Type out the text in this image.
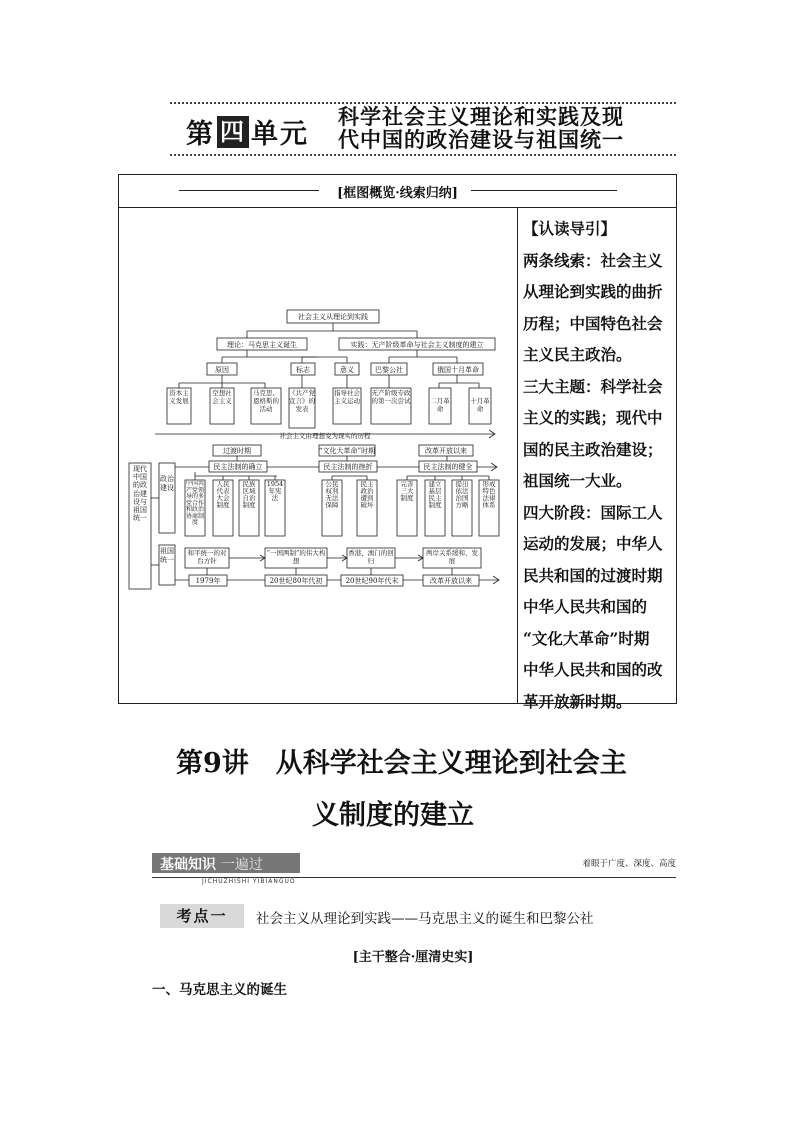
第 四 单元
科学社会主义理论和实践及现
代中国的政治建设与祖国统一
[框图概览·线索归纳]

【认读导引】

两条线索：社会主义

从理论到实践的曲折

历程；中国特色社会

主义民主政治。

三大主题：科学社会

主义的实践；现代中

国的民主政治建设；

祖国统一大业。

四大阶段：国际工人

运动的发展；中华人

民共和国的过渡时期

中华人民共和国的

“文化大革命”时期

中华人民共和国的改

革开放新时期。

社会主义从理论到实践
理论：马克思主义诞生	实践：无产阶级革命与社会主义制度的建立
原因	标志	意义	巴黎公社	俄国十月革命
资本主义发展
空想社会主义
马克思、恩格斯的活动
《共产党宣言》的发表
指导社会主义运动
无产阶级专政的第一次尝试	二月革命
十月革命
社会主义由理想变为现实的历程
现代中国的政治建设与祖国统一
政治建设
祖国统一
过渡时期	“文化大革命”时期	改革开放以来
民主法制的确立	民主法制的挫折	民主法制的健全
中国共产党领导的多党合作和政治协商制度
人民代表大会制度
民族区域自治制度
1954年宪法
公民权利无法保障
民主政治遭到破坏
完善三大制度
建立基层民主制度
提出依法治国方略
形成特色法律体系
和平统一的对台方针
“一国两制”的伟大构想
香港、澳门的回归
两岸关系缓和、发展
1979年	20世纪80年代初	20世纪90年代末	改革开放以来
第9讲　从科学社会主义理论到社会主
义制度的建立
基础知识 一遍过
JICHUZHISHI YIBIANGUO
着眼于广度、深度、高度
考点一	社会主义从理论到实践——马克思主义的诞生和巴黎公社
[主干整合·厘清史实]
一、马克思主义的诞生
